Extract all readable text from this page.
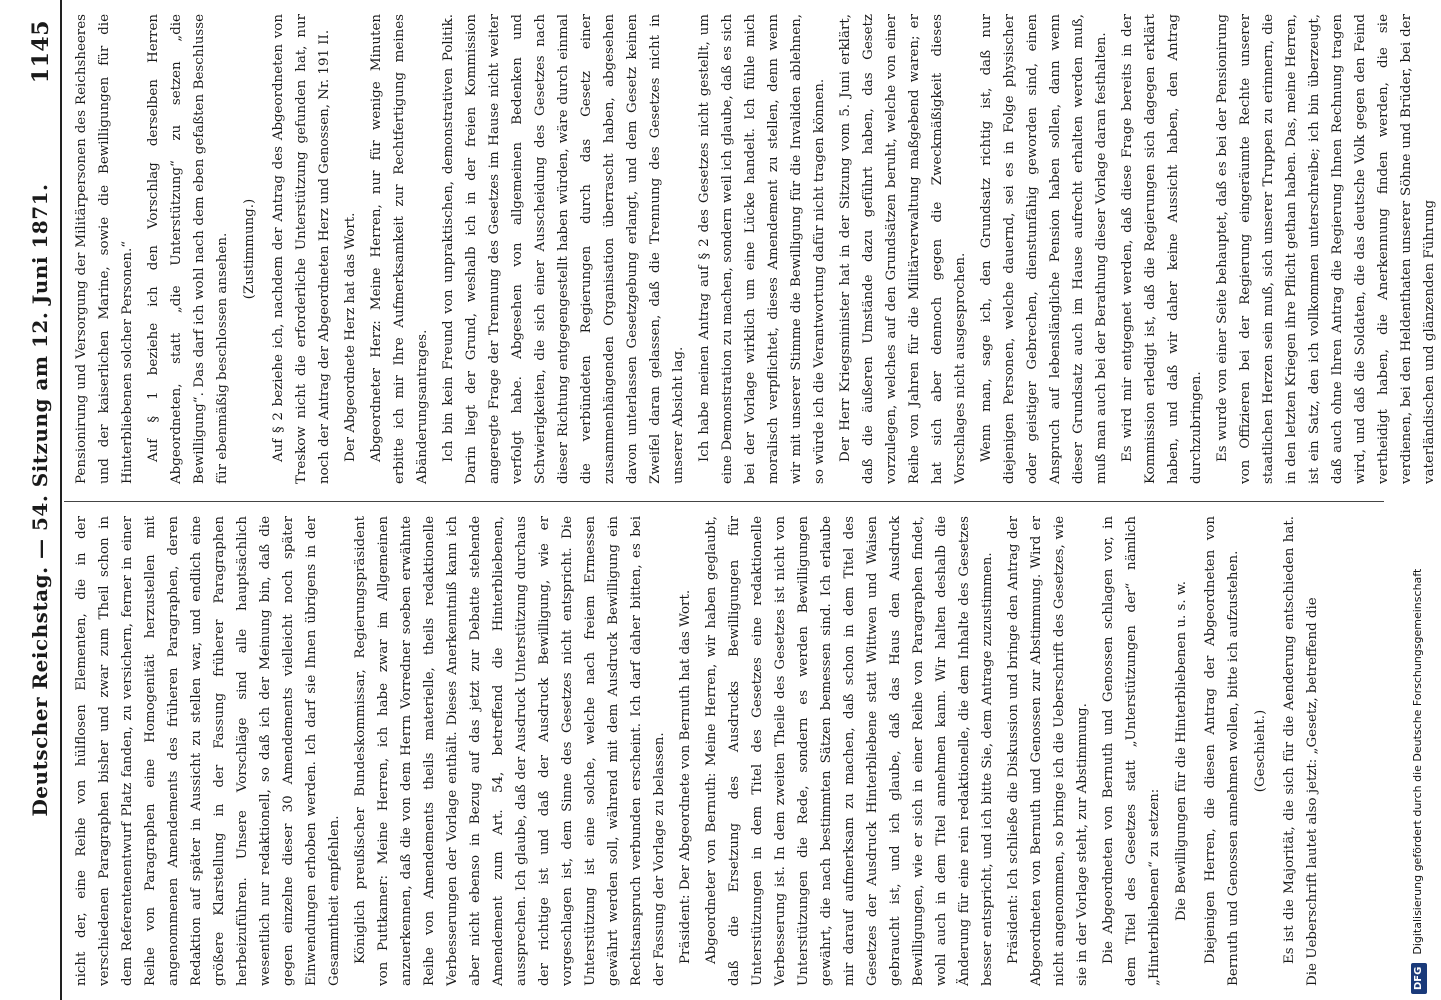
Deutscher Reichstag. — 54. Sitzung am 12. Juni 1871.
1145

nicht der, eine Reihe von hülflosen Elementen, die in der verschiedenen Paragraphen bisher und zwar zum Theil schon in dem Referentenentwurf Platz fanden, zu versichern, ferner in einer Reihe von Paragraphen eine Homogenität herzustellen mit angenommenen Amendements des früheren Paragraphen, deren Redaktion auf später in Aussicht zu stellen war, und endlich eine größere Klarstellung in der Fassung früherer Paragraphen herbeizuführen. Unsere Vorschläge sind alle hauptsächlich wesentlich nur redaktionell, so daß ich der Meinung bin, daß die gegen einzelne dieser 30 Amendements vielleicht noch später Einwendungen erhoben werden. Ich darf sie Ihnen übrigens in der Gesammtheit empfehlen. Königlich preußischer Bundeskommissar, Regierungspräsident von Puttkamer: Meine Herren, ich habe zwar im Allgemeinen anzuerkennen, daß die von dem Herrn Vorredner soeben erwähnte Reihe von Amendements theils materielle, theils redaktionelle Verbesserungen der Vorlage enthält. Dieses Anerkenntniß kann ich aber nicht ebenso in Bezug auf das jetzt zur Debatte stehende Amendement zum Art. 54, betreffend die Hinterbliebenen, aussprechen. Ich glaube, daß der Ausdruck Unterstützung durchaus der richtige ist und daß der Ausdruck Bewilligung, wie er vorgeschlagen ist, dem Sinne des Gesetzes nicht entspricht. Die Unterstützung ist eine solche, welche nach freiem Ermessen gewährt werden soll, während mit dem Ausdruck Bewilligung ein Rechtsanspruch verbunden erscheint. Ich darf daher bitten, es bei der Fassung der Vorlage zu belassen. Präsident: Der Abgeordnete von Bernuth hat das Wort. Abgeordneter von Bernuth: Meine Herren, wir haben geglaubt, daß die Ersetzung des Ausdrucks Bewilligungen für Unterstützungen in dem Titel des Gesetzes eine redaktionelle Verbesserung ist. In dem zweiten Theile des Gesetzes ist nicht von Unterstützungen die Rede, sondern es werden Bewilligungen gewährt, die nach bestimmten Sätzen bemessen sind. Ich erlaube mir darauf aufmerksam zu machen, daß schon in dem Titel des Gesetzes der Ausdruck Hinterbliebene statt Wittwen und Waisen gebraucht ist, und ich glaube, daß das Haus den Ausdruck Bewilligungen, wie er sich in einer Reihe von Paragraphen findet, wohl auch in dem Titel annehmen kann. Wir halten deshalb die Änderung für eine rein redaktionelle, die dem Inhalte des Gesetzes besser entspricht, und ich bitte Sie, dem Antrage zuzustimmen. Präsident: Ich schließe die Diskussion und bringe den Antrag der Abgeordneten von Bernuth und Genossen zur Abstimmung. Wird er nicht angenommen, so bringe ich die Ueberschrift des Gesetzes, wie sie in der Vorlage steht, zur Abstimmung. Die Abgeordneten von Bernuth und Genossen schlagen vor, in dem Titel des Gesetzes statt „Unterstützungen der“ nämlich „Hinterbliebenen“ zu setzen: Die Bewilligungen für die Hinterbliebenen u. s. w. Diejenigen Herren, die diesen Antrag der Abgeordneten von Bernuth und Genossen annehmen wollen, bitte ich aufzustehen. (Geschieht.) Es ist die Majorität, die sich für die Aenderung entschieden hat. Die Ueberschrift lautet also jetzt: „Gesetz, betreffend die

Pensionirung und Versorgung der Militärpersonen des Reichsheeres und der kaiserlichen Marine, sowie die Bewilligungen für die Hinterbliebenen solcher Personen.“ Auf § 1 beziehe ich den Vorschlag derselben Herren Abgeordneten, statt „die Unterstützung“ zu setzen „die Bewilligung“. Das darf ich wohl nach dem eben gefaßten Beschlusse für ebenmäßig beschlossen ansehen. (Zustimmung.) Auf § 2 beziehe ich, nachdem der Antrag des Abgeordneten von Treskow nicht die erforderliche Unterstützung gefunden hat, nur noch der Antrag der Abgeordneten Herz und Genossen, Nr. 191 II. Der Abgeordnete Herz hat das Wort. Abgeordneter Herz: Meine Herren, nur für wenige Minuten erbitte ich mir Ihre Aufmerksamkeit zur Rechtfertigung meines Abänderungsantrages. Ich bin kein Freund von unpraktischen, demonstrativen Politik. Darin liegt der Grund, weshalb ich in der freien Kommission angeregte Frage der Trennung des Gesetzes im Hause nicht weiter verfolgt habe. Abgesehen von allgemeinen Bedenken und Schwierigkeiten, die sich einer Ausscheidung des Gesetzes nach dieser Richtung entgegengestellt haben würden, wäre durch einmal die verbündeten Regierungen durch das Gesetz einer zusammenhängenden Organisation überrascht haben, abgesehen davon unterlassen Gesetzgebung erlangt, und dem Gesetz keinen Zweifel daran gelassen, daß die Trennung des Gesetzes nicht in unserer Absicht lag. Ich habe meinen Antrag auf § 2 des Gesetzes nicht gestellt, um eine Demonstration zu machen, sondern weil ich glaube, daß es sich bei der Vorlage wirklich um eine Lücke handelt. Ich fühle mich moralisch verpflichtet, dieses Amendement zu stellen, denn wenn wir mit unserer Stimme die Bewilligung für die Invaliden ablehnen, so würde ich die Verantwortung dafür nicht tragen können. Der Herr Kriegsminister hat in der Sitzung vom 5. Juni erklärt, daß die äußeren Umstände dazu geführt haben, das Gesetz vorzulegen, welches auf den Grundsätzen beruht, welche von einer Reihe von Jahren für die Militärverwaltung maßgebend waren; er hat sich aber dennoch gegen die Zweckmäßigkeit dieses Vorschlages nicht ausgesprochen. Wenn man, sage ich, den Grundsatz richtig ist, daß nur diejenigen Personen, welche dauernd, sei es in Folge physischer oder geistiger Gebrechen, dienstunfähig geworden sind, einen Anspruch auf lebenslängliche Pension haben sollen, dann wenn dieser Grundsatz auch im Hause aufrecht erhalten werden muß, muß man auch bei der Berathung dieser Vorlage daran festhalten. Es wird mir entgegnet werden, daß diese Frage bereits in der Kommission erledigt ist, daß die Regierungen sich dagegen erklärt haben, und daß wir daher keine Aussicht haben, den Antrag durchzubringen. Es wurde von einer Seite behauptet, daß es bei der Pensionirung von Offizieren bei der Regierung eingeräumte Rechte unserer staatlichen Herzen sein muß, sich unserer Truppen zu erinnern, die in den letzten Kriegen ihre Pflicht gethan haben. Das, meine Herren, ist ein Satz, den ich vollkommen unterschreibe; ich bin überzeugt, daß auch ohne Ihren Antrag die Regierung Ihnen Rechnung tragen wird, und daß die Soldaten, die das deutsche Volk gegen den Feind vertheidigt haben, die Anerkennung finden werden, die sie verdienen, bei den Heldenthaten unserer Söhne und Brüder, bei der vaterländischen und glänzenden Führung

DFGDigitalisierung gefördert durch die Deutsche Forschungsgemeinschaft
